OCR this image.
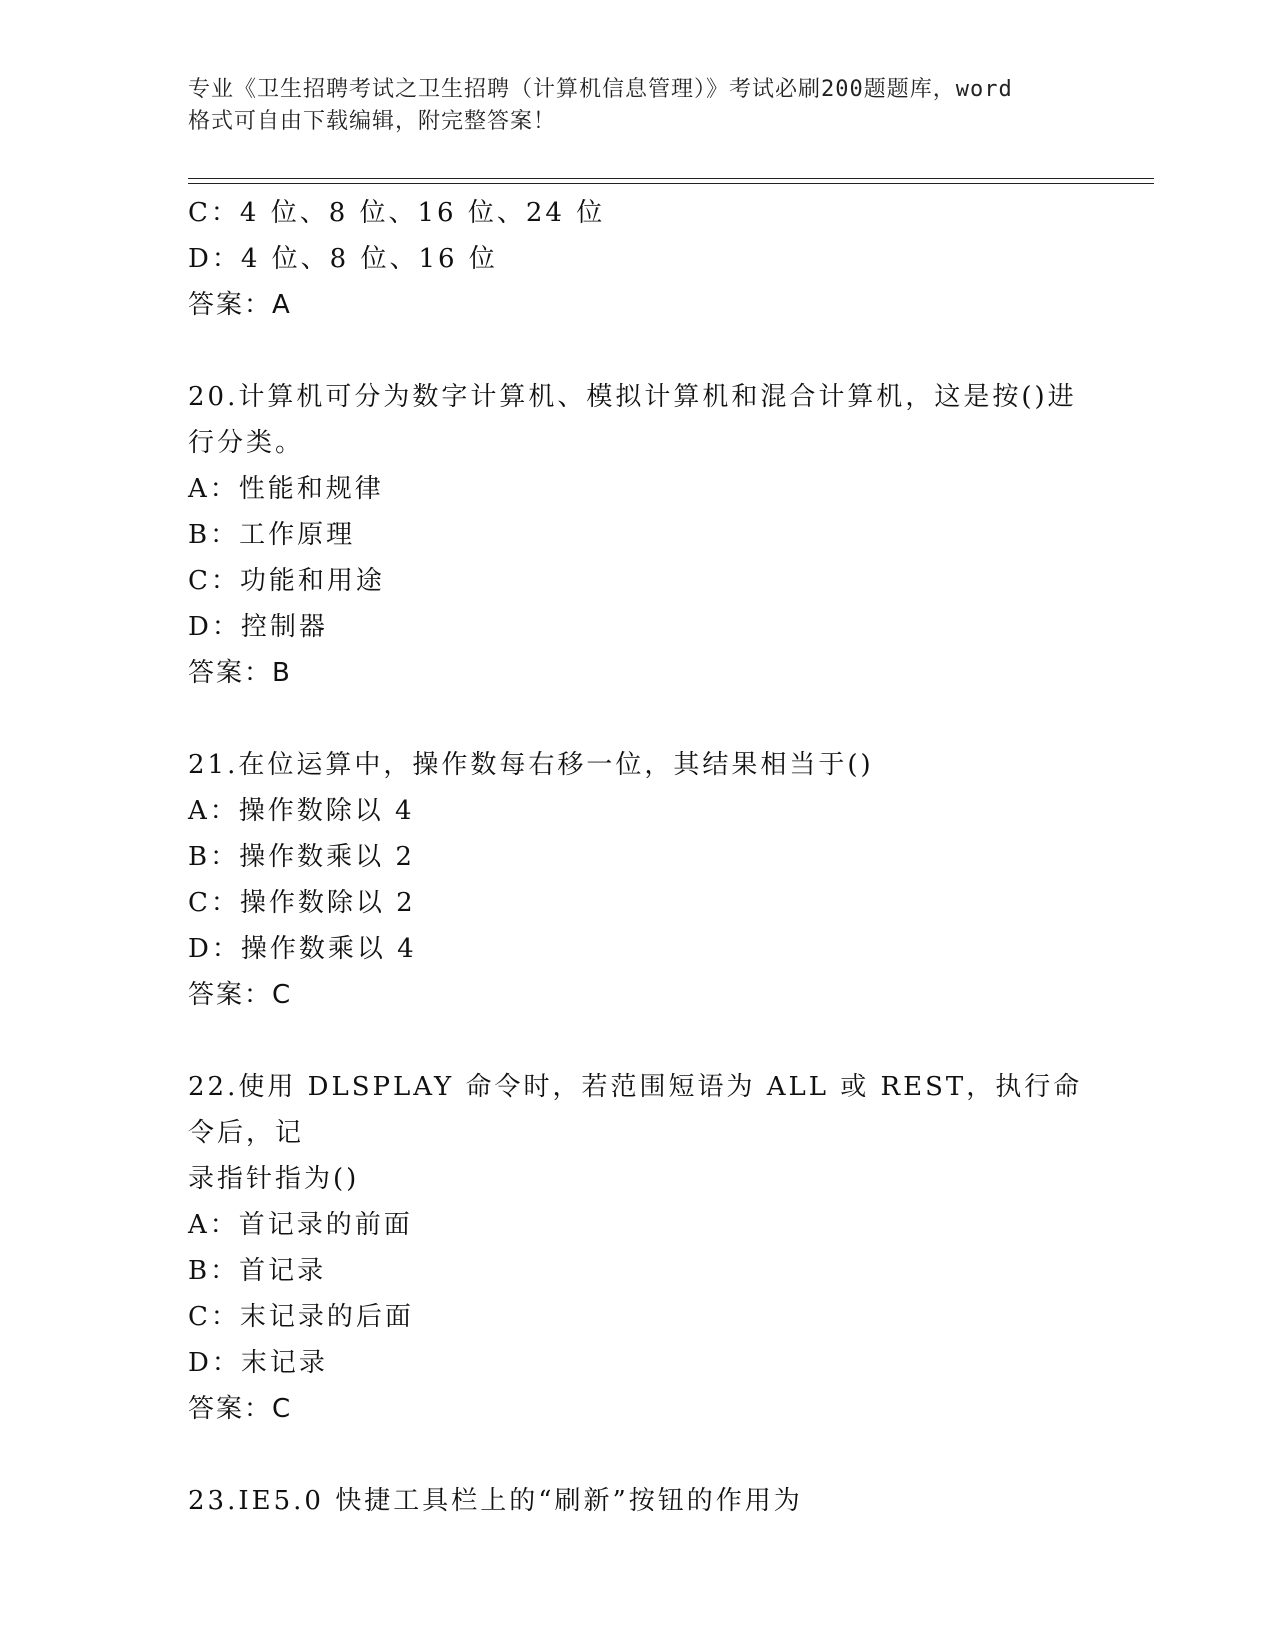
专业《卫生招聘考试之卫生招聘（计算机信息管理）》考试必刷200题题库，word
格式可自由下载编辑，附完整答案！
C：4 位、8 位、16 位、24 位
D：4 位、8 位、16 位
答案：A
20.计算机可分为数字计算机、模拟计算机和混合计算机，这是按()进
行分类。
A：性能和规律
B：工作原理
C：功能和用途
D：控制器
答案：B
21.在位运算中，操作数每右移一位，其结果相当于()
A：操作数除以 4
B：操作数乘以 2
C：操作数除以 2
D：操作数乘以 4
答案：C
22.使用 DLSPLAY 命令时，若范围短语为 ALL 或 REST，执行命令后，记
录指针指为()
A：首记录的前面
B：首记录
C：末记录的后面
D：末记录
答案：C
23.IE5.0 快捷工具栏上的“刷新”按钮的作用为
